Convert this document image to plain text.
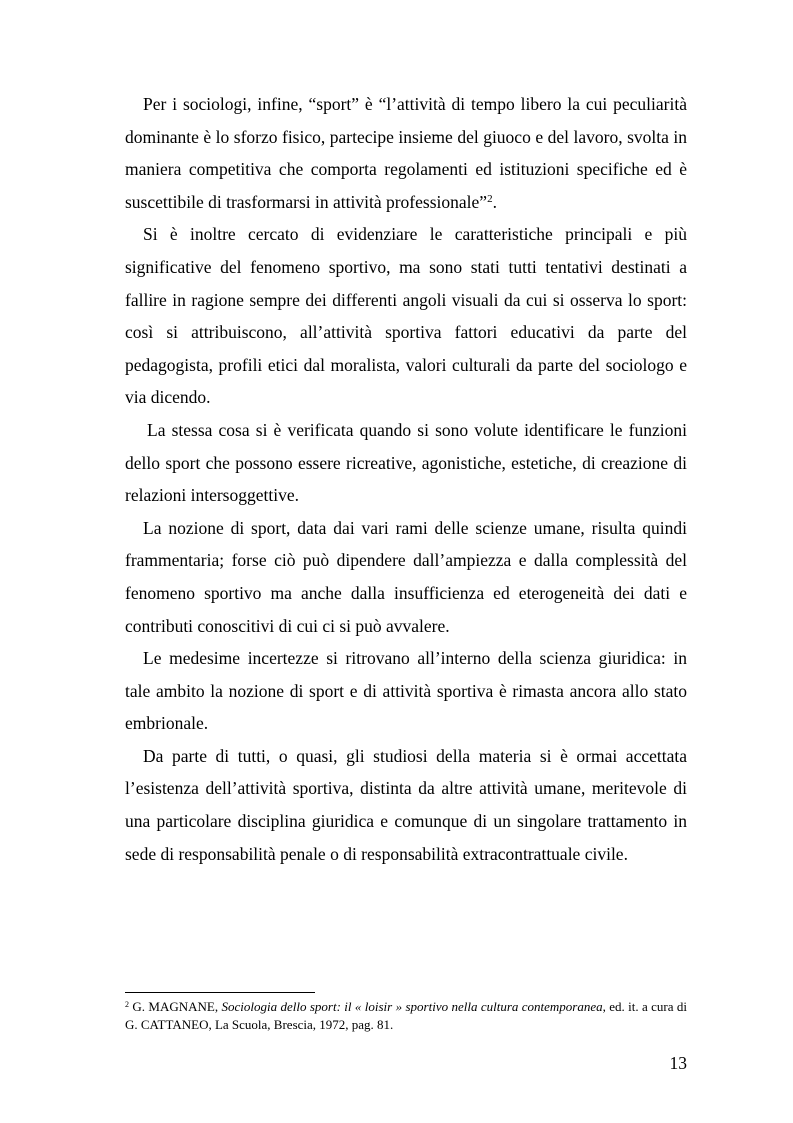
Per i sociologi, infine, “sport” è “l’attività di tempo libero la cui peculiarità dominante è lo sforzo fisico, partecipe insieme del giuoco e del lavoro, svolta in maniera competitiva che comporta regolamenti ed istituzioni specifiche ed è suscettibile di trasformarsi in attività professionale”$^2$.

Si è inoltre cercato di evidenziare le caratteristiche principali e più significative del fenomeno sportivo, ma sono stati tutti tentativi destinati a fallire in ragione sempre dei differenti angoli visuali da cui si osserva lo sport: così si attribuiscono, all’attività sportiva fattori educativi da parte del pedagogista, profili etici dal moralista, valori culturali da parte del sociologo e via dicendo.

La stessa cosa si è verificata quando si sono volute identificare le funzioni dello sport che possono essere ricreative, agonistiche, estetiche, di creazione di relazioni intersoggettive.

La nozione di sport, data dai vari rami delle scienze umane, risulta quindi frammentaria; forse ciò può dipendere dall’ampiezza e dalla complessità del fenomeno sportivo ma anche dalla insufficienza ed eterogeneità dei dati e contributi conoscitivi di cui ci si può avvalere.

Le medesime incertezze si ritrovano all’interno della scienza giuridica: in tale ambito la nozione di sport e di attività sportiva è rimasta ancora allo stato embrionale.

Da parte di tutti, o quasi, gli studiosi della materia si è ormai accettata l’esistenza dell’attività sportiva, distinta da altre attività umane, meritevole di una particolare disciplina giuridica e comunque di un singolare trattamento in sede di responsabilità penale o di responsabilità extracontrattuale civile.

$^2$ G. MAGNANE, Sociologia dello sport: il « loisir » sportivo nella cultura contemporanea, ed. it. a cura di G. CATTANEO, La Scuola, Brescia, 1972, pag. 81.

13
